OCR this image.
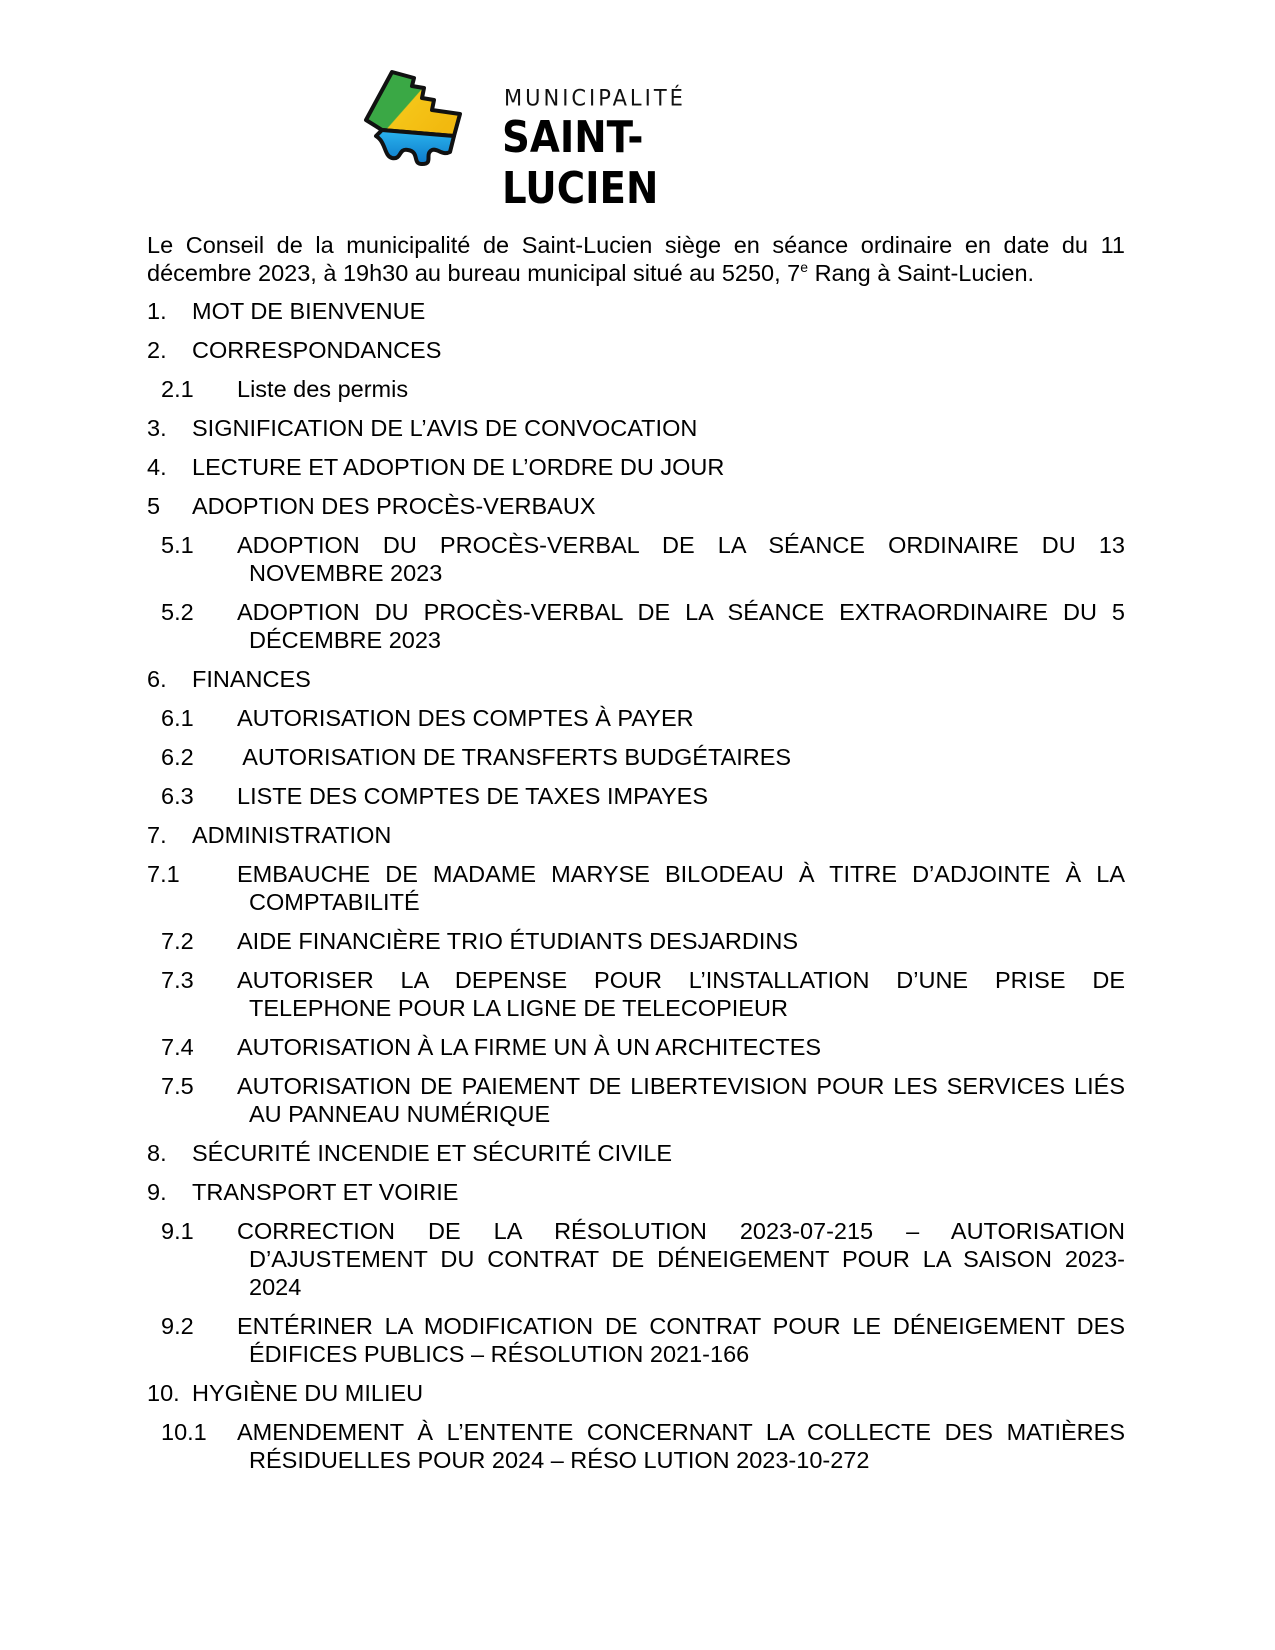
MUNICIPALITÉ
SAINT-LUCIEN

Le Conseil de la municipalité de Saint-Lucien siège en séance ordinaire en date du 11 décembre 2023, à 19h30 au bureau municipal situé au 5250, 7e Rang à Saint-Lucien.

1.	MOT DE BIENVENUE
2.	CORRESPONDANCES
2.1	Liste des permis
3.	SIGNIFICATION DE L’AVIS DE CONVOCATION
4.	LECTURE ET ADOPTION DE L’ORDRE DU JOUR
5	ADOPTION DES PROCÈS-VERBAUX
5.1	ADOPTION DU PROCÈS-VERBAL DE LA SÉANCE ORDINAIRE DU 13 NOVEMBRE 2023
5.2	ADOPTION DU PROCÈS-VERBAL DE LA SÉANCE EXTRAORDINAIRE DU 5 DÉCEMBRE 2023
6.	FINANCES
6.1	AUTORISATION DES COMPTES À PAYER
6.2	AUTORISATION DE TRANSFERTS BUDGÉTAIRES
6.3	LISTE DES COMPTES DE TAXES IMPAYES
7.	ADMINISTRATION
7.1	EMBAUCHE DE MADAME MARYSE BILODEAU À TITRE D’ADJOINTE À LA COMPTABILITÉ
7.2	AIDE FINANCIÈRE TRIO ÉTUDIANTS DESJARDINS
7.3	AUTORISER LA DEPENSE POUR L’INSTALLATION D’UNE PRISE DE TELEPHONE POUR LA LIGNE DE TELECOPIEUR
7.4	AUTORISATION À LA FIRME UN À UN ARCHITECTES
7.5	AUTORISATION DE PAIEMENT DE LIBERTEVISION POUR LES SERVICES LIÉS AU PANNEAU NUMÉRIQUE
8.	SÉCURITÉ INCENDIE ET SÉCURITÉ CIVILE
9.	TRANSPORT ET VOIRIE
9.1	CORRECTION DE LA RÉSOLUTION 2023-07-215 – AUTORISATION D’AJUSTEMENT DU CONTRAT DE DÉNEIGEMENT POUR LA SAISON 2023-2024
9.2	ENTÉRINER LA MODIFICATION DE CONTRAT POUR LE DÉNEIGEMENT DES ÉDIFICES PUBLICS – RÉSOLUTION 2021-166
10. HYGIÈNE DU MILIEU
10.1	AMENDEMENT À L’ENTENTE CONCERNANT LA COLLECTE DES MATIÈRES RÉSIDUELLES POUR 2024 – RÉSO LUTION 2023-10-272
